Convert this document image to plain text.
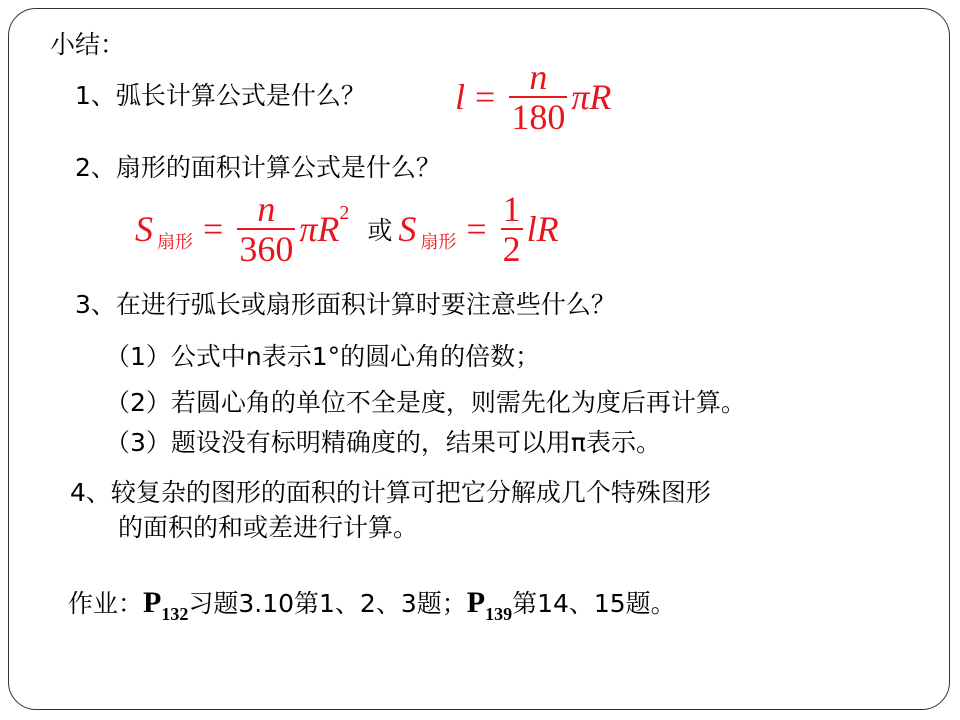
小结：
1、弧长计算公式是什么？ $l = \frac{n}{180}$ πR
2、扇形的面积计算公式是什么？
S 扇形 = $\frac{n}{360}$ πR 2
或 S 扇形 = $\frac{1}{2}$ lR
3、在进行弧长或扇形面积计算时要注意些什么？
（1）公式中n表示1°的圆心角的倍数；
（2）若圆心角的单位不全是度，则需先化为度后再计算。
（3）题设没有标明精确度的，结果可以用π表示。
4、较复杂的图形的面积的计算可把它分解成几个特殊图形
的面积的和或差进行计算。
作业： P 132 习题3.10第1、2、3题； P 139 第14、15题。
